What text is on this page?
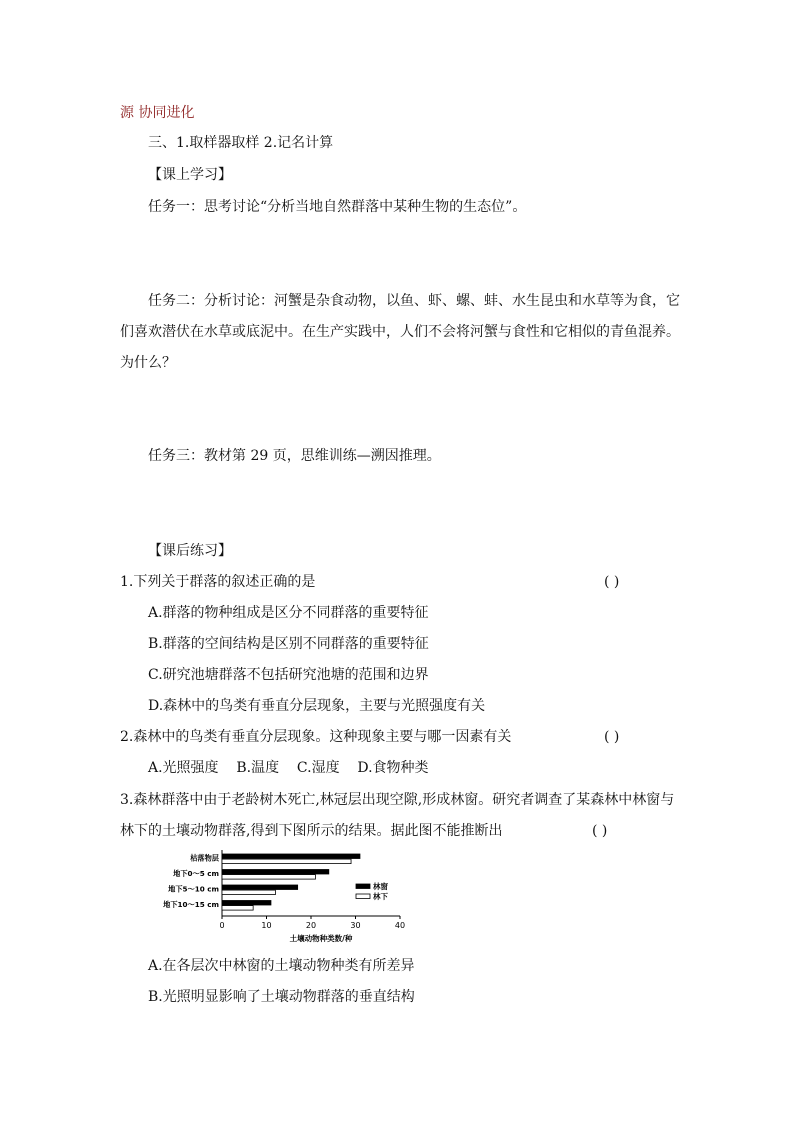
源 协同进化
三、1.取样器取样 2.记名计算
【课上学习】
任务一：思考讨论“分析当地自然群落中某种生物的生态位”。
任务二：分析讨论：河蟹是杂食动物，以鱼、虾、螺、蚌、水生昆虫和水草等为食，它
们喜欢潜伏在水草或底泥中。在生产实践中，人们不会将河蟹与食性和它相似的青鱼混养。
为什么？
任务三：教材第 29 页，思维训练—溯因推理。
【课后练习】
1.下列关于群落的叙述正确的是	( )
A.群落的物种组成是区分不同群落的重要特征
B.群落的空间结构是区别不同群落的重要特征
C.研究池塘群落不包括研究池塘的范围和边界
D.森林中的鸟类有垂直分层现象，主要与光照强度有关
2.森林中的鸟类有垂直分层现象。这种现象主要与哪一因素有关	( )
A.光照强度    B.温度    C.湿度    D.食物种类
3.森林群落中由于老龄树木死亡,林冠层出现空隙,形成林窗。研究者调查了某森林中林窗与
林下的土壤动物群落,得到下图所示的结果。据此图不能推断出	( )
枯落物层
地下0～5 cm
地下5～10 cm
地下10～15 cm
0	10	20	30	40
土壤动物种类数/种
林窗
林下
A.在各层次中林窗的土壤动物种类有所差异
B.光照明显影响了土壤动物群落的垂直结构
